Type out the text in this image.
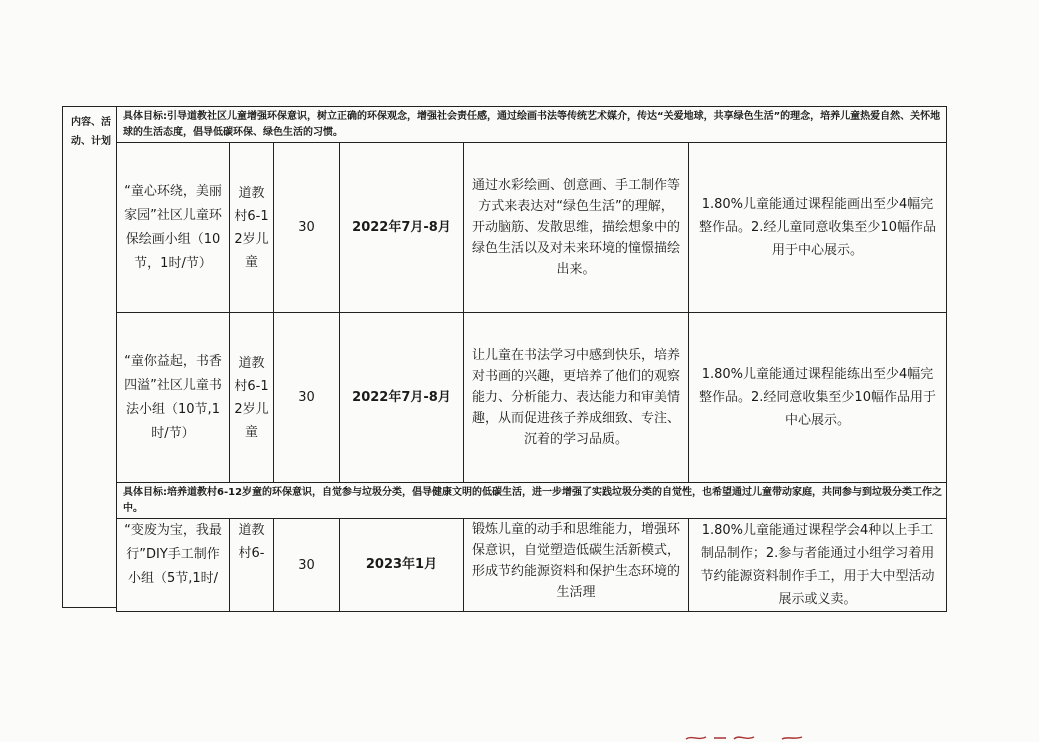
内容、活动、计划
具体目标:引导道教社区儿童增强环保意识，树立正确的环保观念，增强社会责任感，通过绘画书法等传统艺术媒介，传达“关爱地球，共享绿色生活”的理念，培养儿童热爱自然、关怀地球的生活态度，倡导低碳环保、绿色生活的习惯。					
“童心环绕，美丽家园”社区儿童环保绘画小组（10节，1时/节）	道教村6-12岁儿童	30	2022年7月-8月	通过水彩绘画、创意画、手工制作等方式来表达对“绿色生活”的理解，开动脑筋、发散思维，描绘想象中的绿色生活以及对未来环境的憧憬描绘出来。	1.80%儿童能通过课程能画出至少4幅完整作品。2.经儿童同意收集至少10幅作品用于中心展示。
“童你益起，书香四溢”社区儿童书法小组（10节,1时/节）	道教村6-12岁儿童	30	2022年7月-8月	让儿童在书法学习中感到快乐，培养对书画的兴趣，更培养了他们的观察能力、分析能力、表达能力和审美情趣，从而促进孩子养成细致、专注、沉着的学习品质。	1.80%儿童能通过课程能练出至少4幅完整作品。2.经同意收集至少10幅作品用于中心展示。
具体目标:培养道教村6-12岁童的环保意识，自觉参与垃圾分类，倡导健康文明的低碳生活，进一步增强了实践垃圾分类的自觉性，也希望通过儿童带动家庭，共同参与到垃圾分类工作之中。					
“变废为宝，我最行”DIY手工制作小组（5节,1时/	道教村6-	30	2023年1月	锻炼儿童的动手和思维能力，增强环保意识，自觉塑造低碳生活新模式，形成节约能源资料和保护生态环境的生活理	1.80%儿童能通过课程学会4种以上手工制品制作；2.参与者能通过小组学习着用节约能源资料制作手工，用于大中型活动展示或义卖。
